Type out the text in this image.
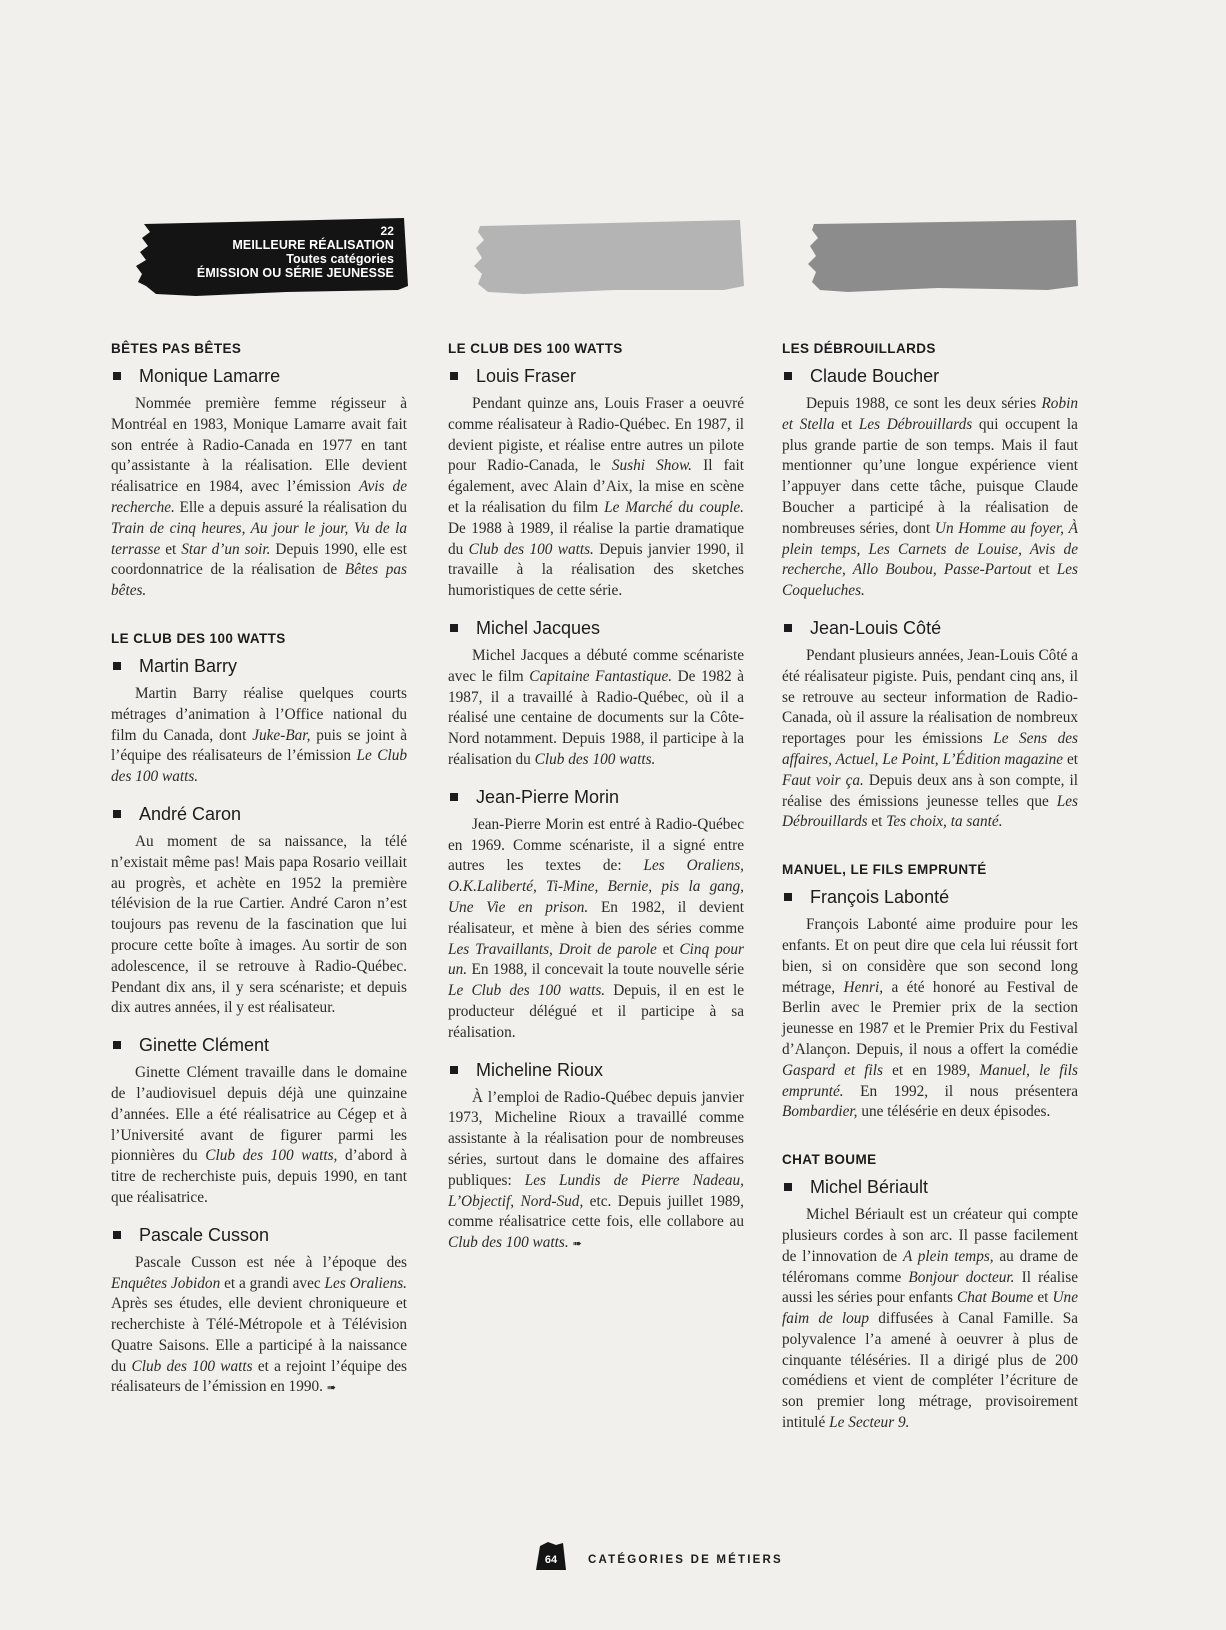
22
MEILLEURE RÉALISATION
Toutes catégories
ÉMISSION OU SÉRIE JEUNESSE
BÊTES PAS BÊTES
Monique Lamarre

Nommée première femme régisseur à Montréal en 1983, Monique Lamarre avait fait son entrée à Radio-Canada en 1977 en tant qu’assistante à la réalisation. Elle devient réalisatrice en 1984, avec l’émission Avis de recherche. Elle a depuis assuré la réalisation du Train de cinq heures, Au jour le jour, Vu de la terrasse et Star d’un soir. Depuis 1990, elle est coordonnatrice de la réalisation de Bêtes pas bêtes.

LE CLUB DES 100 WATTS
Martin Barry

Martin Barry réalise quelques courts métrages d’animation à l’Office national du film du Canada, dont Juke-Bar, puis se joint à l’équipe des réalisateurs de l’émission Le Club des 100 watts.

André Caron

Au moment de sa naissance, la télé n’existait même pas! Mais papa Rosario veillait au progrès, et achète en 1952 la première télévision de la rue Cartier. André Caron n’est toujours pas revenu de la fascination que lui procure cette boîte à images. Au sortir de son adolescence, il se retrouve à Radio-Québec. Pendant dix ans, il y sera scénariste; et depuis dix autres années, il y est réalisateur.

Ginette Clément

Ginette Clément travaille dans le domaine de l’audiovisuel depuis déjà une quinzaine d’années. Elle a été réalisatrice au Cégep et à l’Université avant de figurer parmi les pionnières du Club des 100 watts, d’abord à titre de recherchiste puis, depuis 1990, en tant que réalisatrice.

Pascale Cusson

Pascale Cusson est née à l’époque des Enquêtes Jobidon et a grandi avec Les Oraliens. Après ses études, elle devient chroniqueure et recherchiste à Télé-Métropole et à Télévision Quatre Saisons. Elle a participé à la naissance du Club des 100 watts et a rejoint l’équipe des réalisateurs de l’émission en 1990. ➠

LE CLUB DES 100 WATTS
Louis Fraser

Pendant quinze ans, Louis Fraser a oeuvré comme réalisateur à Radio-Québec. En 1987, il devient pigiste, et réalise entre autres un pilote pour Radio-Canada, le Sushi Show. Il fait également, avec Alain d’Aix, la mise en scène et la réalisation du film Le Marché du couple. De 1988 à 1989, il réalise la partie dramatique du Club des 100 watts. Depuis janvier 1990, il travaille à la réalisation des sketches humoristiques de cette série.

Michel Jacques

Michel Jacques a débuté comme scénariste avec le film Capitaine Fantastique. De 1982 à 1987, il a travaillé à Radio-Québec, où il a réalisé une centaine de documents sur la Côte-Nord notamment. Depuis 1988, il participe à la réalisation du Club des 100 watts.

Jean-Pierre Morin

Jean-Pierre Morin est entré à Radio-Québec en 1969. Comme scénariste, il a signé entre autres les textes de: Les Oraliens, O.K.Laliberté, Ti-Mine, Bernie, pis la gang, Une Vie en prison. En 1982, il devient réalisateur, et mène à bien des séries comme Les Travaillants, Droit de parole et Cinq pour un. En 1988, il concevait la toute nouvelle série Le Club des 100 watts. Depuis, il en est le producteur délégué et il participe à sa réalisation.

Micheline Rioux

À l’emploi de Radio-Québec depuis janvier 1973, Micheline Rioux a travaillé comme assistante à la réalisation pour de nombreuses séries, surtout dans le domaine des affaires publiques: Les Lundis de Pierre Nadeau, L’Objectif, Nord-Sud, etc. Depuis juillet 1989, comme réalisatrice cette fois, elle collabore au Club des 100 watts. ➠

LES DÉBROUILLARDS
Claude Boucher

Depuis 1988, ce sont les deux séries Robin et Stella et Les Débrouillards qui occupent la plus grande partie de son temps. Mais il faut mentionner qu’une longue expérience vient l’appuyer dans cette tâche, puisque Claude Boucher a participé à la réalisation de nombreuses séries, dont Un Homme au foyer, À plein temps, Les Carnets de Louise, Avis de recherche, Allo Boubou, Passe-Partout et Les Coqueluches.

Jean-Louis Côté

Pendant plusieurs années, Jean-Louis Côté a été réalisateur pigiste. Puis, pendant cinq ans, il se retrouve au secteur information de Radio-Canada, où il assure la réalisation de nombreux reportages pour les émissions Le Sens des affaires, Actuel, Le Point, L’Édition magazine et Faut voir ça. Depuis deux ans à son compte, il réalise des émissions jeunesse telles que Les Débrouillards et Tes choix, ta santé.

MANUEL, LE FILS EMPRUNTÉ
François Labonté

François Labonté aime produire pour les enfants. Et on peut dire que cela lui réussit fort bien, si on considère que son second long métrage, Henri, a été honoré au Festival de Berlin avec le Premier prix de la section jeunesse en 1987 et le Premier Prix du Festival d’Alançon. Depuis, il nous a offert la comédie Gaspard et fils et en 1989, Manuel, le fils emprunté. En 1992, il nous présentera Bombardier, une télésérie en deux épisodes.

CHAT BOUME
Michel Bériault

Michel Bériault est un créateur qui compte plusieurs cordes à son arc. Il passe facilement de l’innovation de A plein temps, au drame de téléromans comme Bonjour docteur. Il réalise aussi les séries pour enfants Chat Boume et Une faim de loup diffusées à Canal Famille. Sa polyvalence l’a amené à oeuvrer à plus de cinquante téléséries. Il a dirigé plus de 200 comédiens et vient de compléter l’écriture de son premier long métrage, provisoirement intitulé Le Secteur 9.

64	CATÉGORIES DE MÉTIERS
